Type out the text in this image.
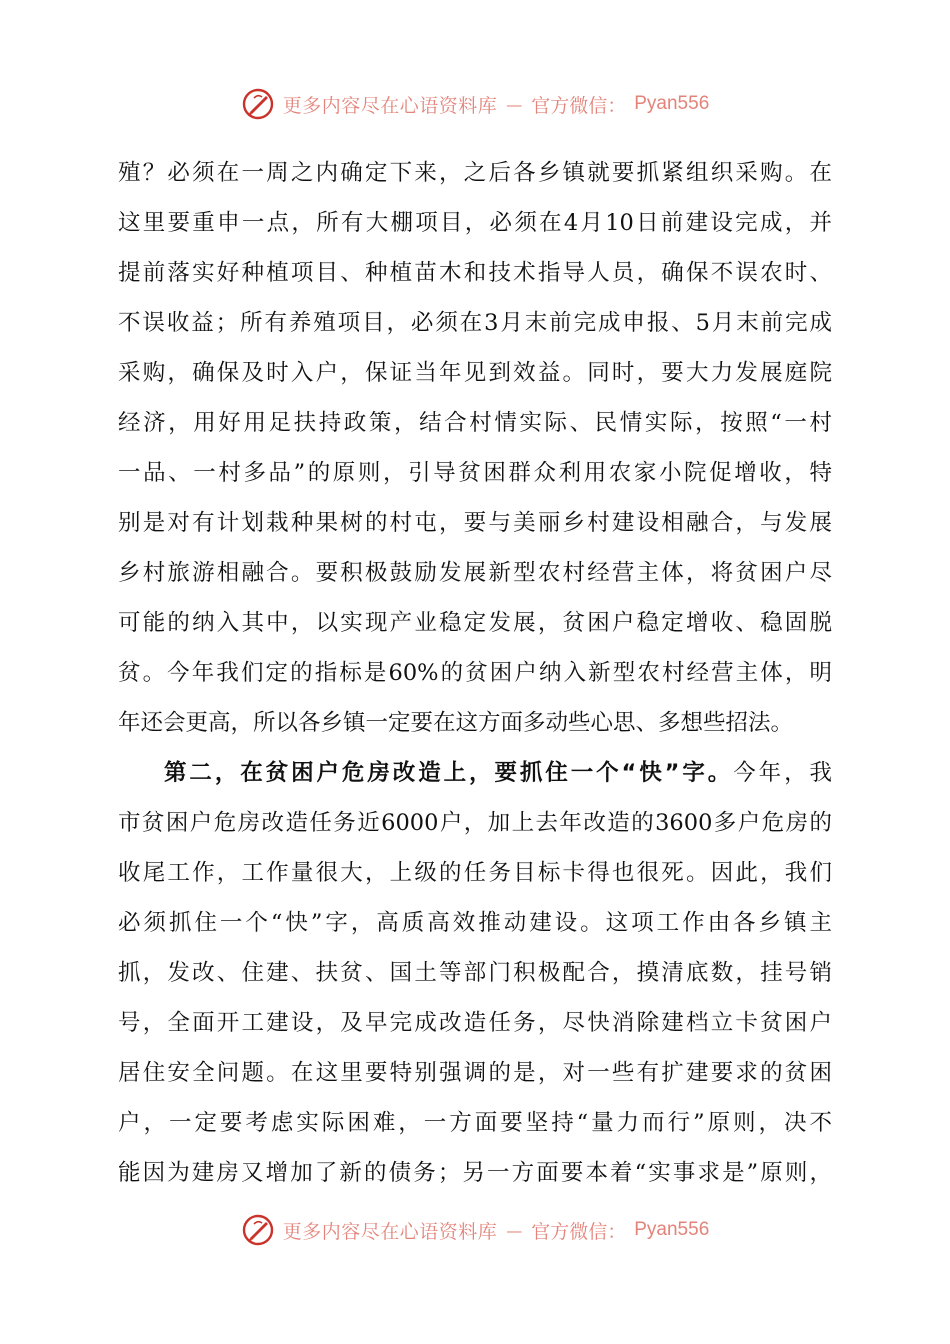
更多内容尽在心语资料库 — 官方微信： Pyan556
殖？必须在一周之内确定下来，之后各乡镇就要抓紧组织采购。在
这里要重申一点，所有大棚项目，必须在4月10日前建设完成，并
提前落实好种植项目、种植苗木和技术指导人员，确保不误农时、
不误收益；所有养殖项目，必须在3月末前完成申报、5月末前完成
采购，确保及时入户，保证当年见到效益。同时，要大力发展庭院
经济，用好用足扶持政策，结合村情实际、民情实际，按照“一村
一品、一村多品”的原则，引导贫困群众利用农家小院促增收，特
别是对有计划栽种果树的村屯，要与美丽乡村建设相融合，与发展
乡村旅游相融合。要积极鼓励发展新型农村经营主体，将贫困户尽
可能的纳入其中，以实现产业稳定发展，贫困户稳定增收、稳固脱
贫。今年我们定的指标是60%的贫困户纳入新型农村经营主体，明
年还会更高，所以各乡镇一定要在这方面多动些心思、多想些招法。
第二，在贫困户危房改造上，要抓住一个“快”字。今年，我
市贫困户危房改造任务近6000户，加上去年改造的3600多户危房的
收尾工作，工作量很大，上级的任务目标卡得也很死。因此，我们
必须抓住一个“快”字，高质高效推动建设。这项工作由各乡镇主
抓，发改、住建、扶贫、国土等部门积极配合，摸清底数，挂号销
号，全面开工建设，及早完成改造任务，尽快消除建档立卡贫困户
居住安全问题。在这里要特别强调的是，对一些有扩建要求的贫困
户，一定要考虑实际困难，一方面要坚持“量力而行”原则，决不
能因为建房又增加了新的债务；另一方面要本着“实事求是”原则，
更多内容尽在心语资料库 — 官方微信： Pyan556
